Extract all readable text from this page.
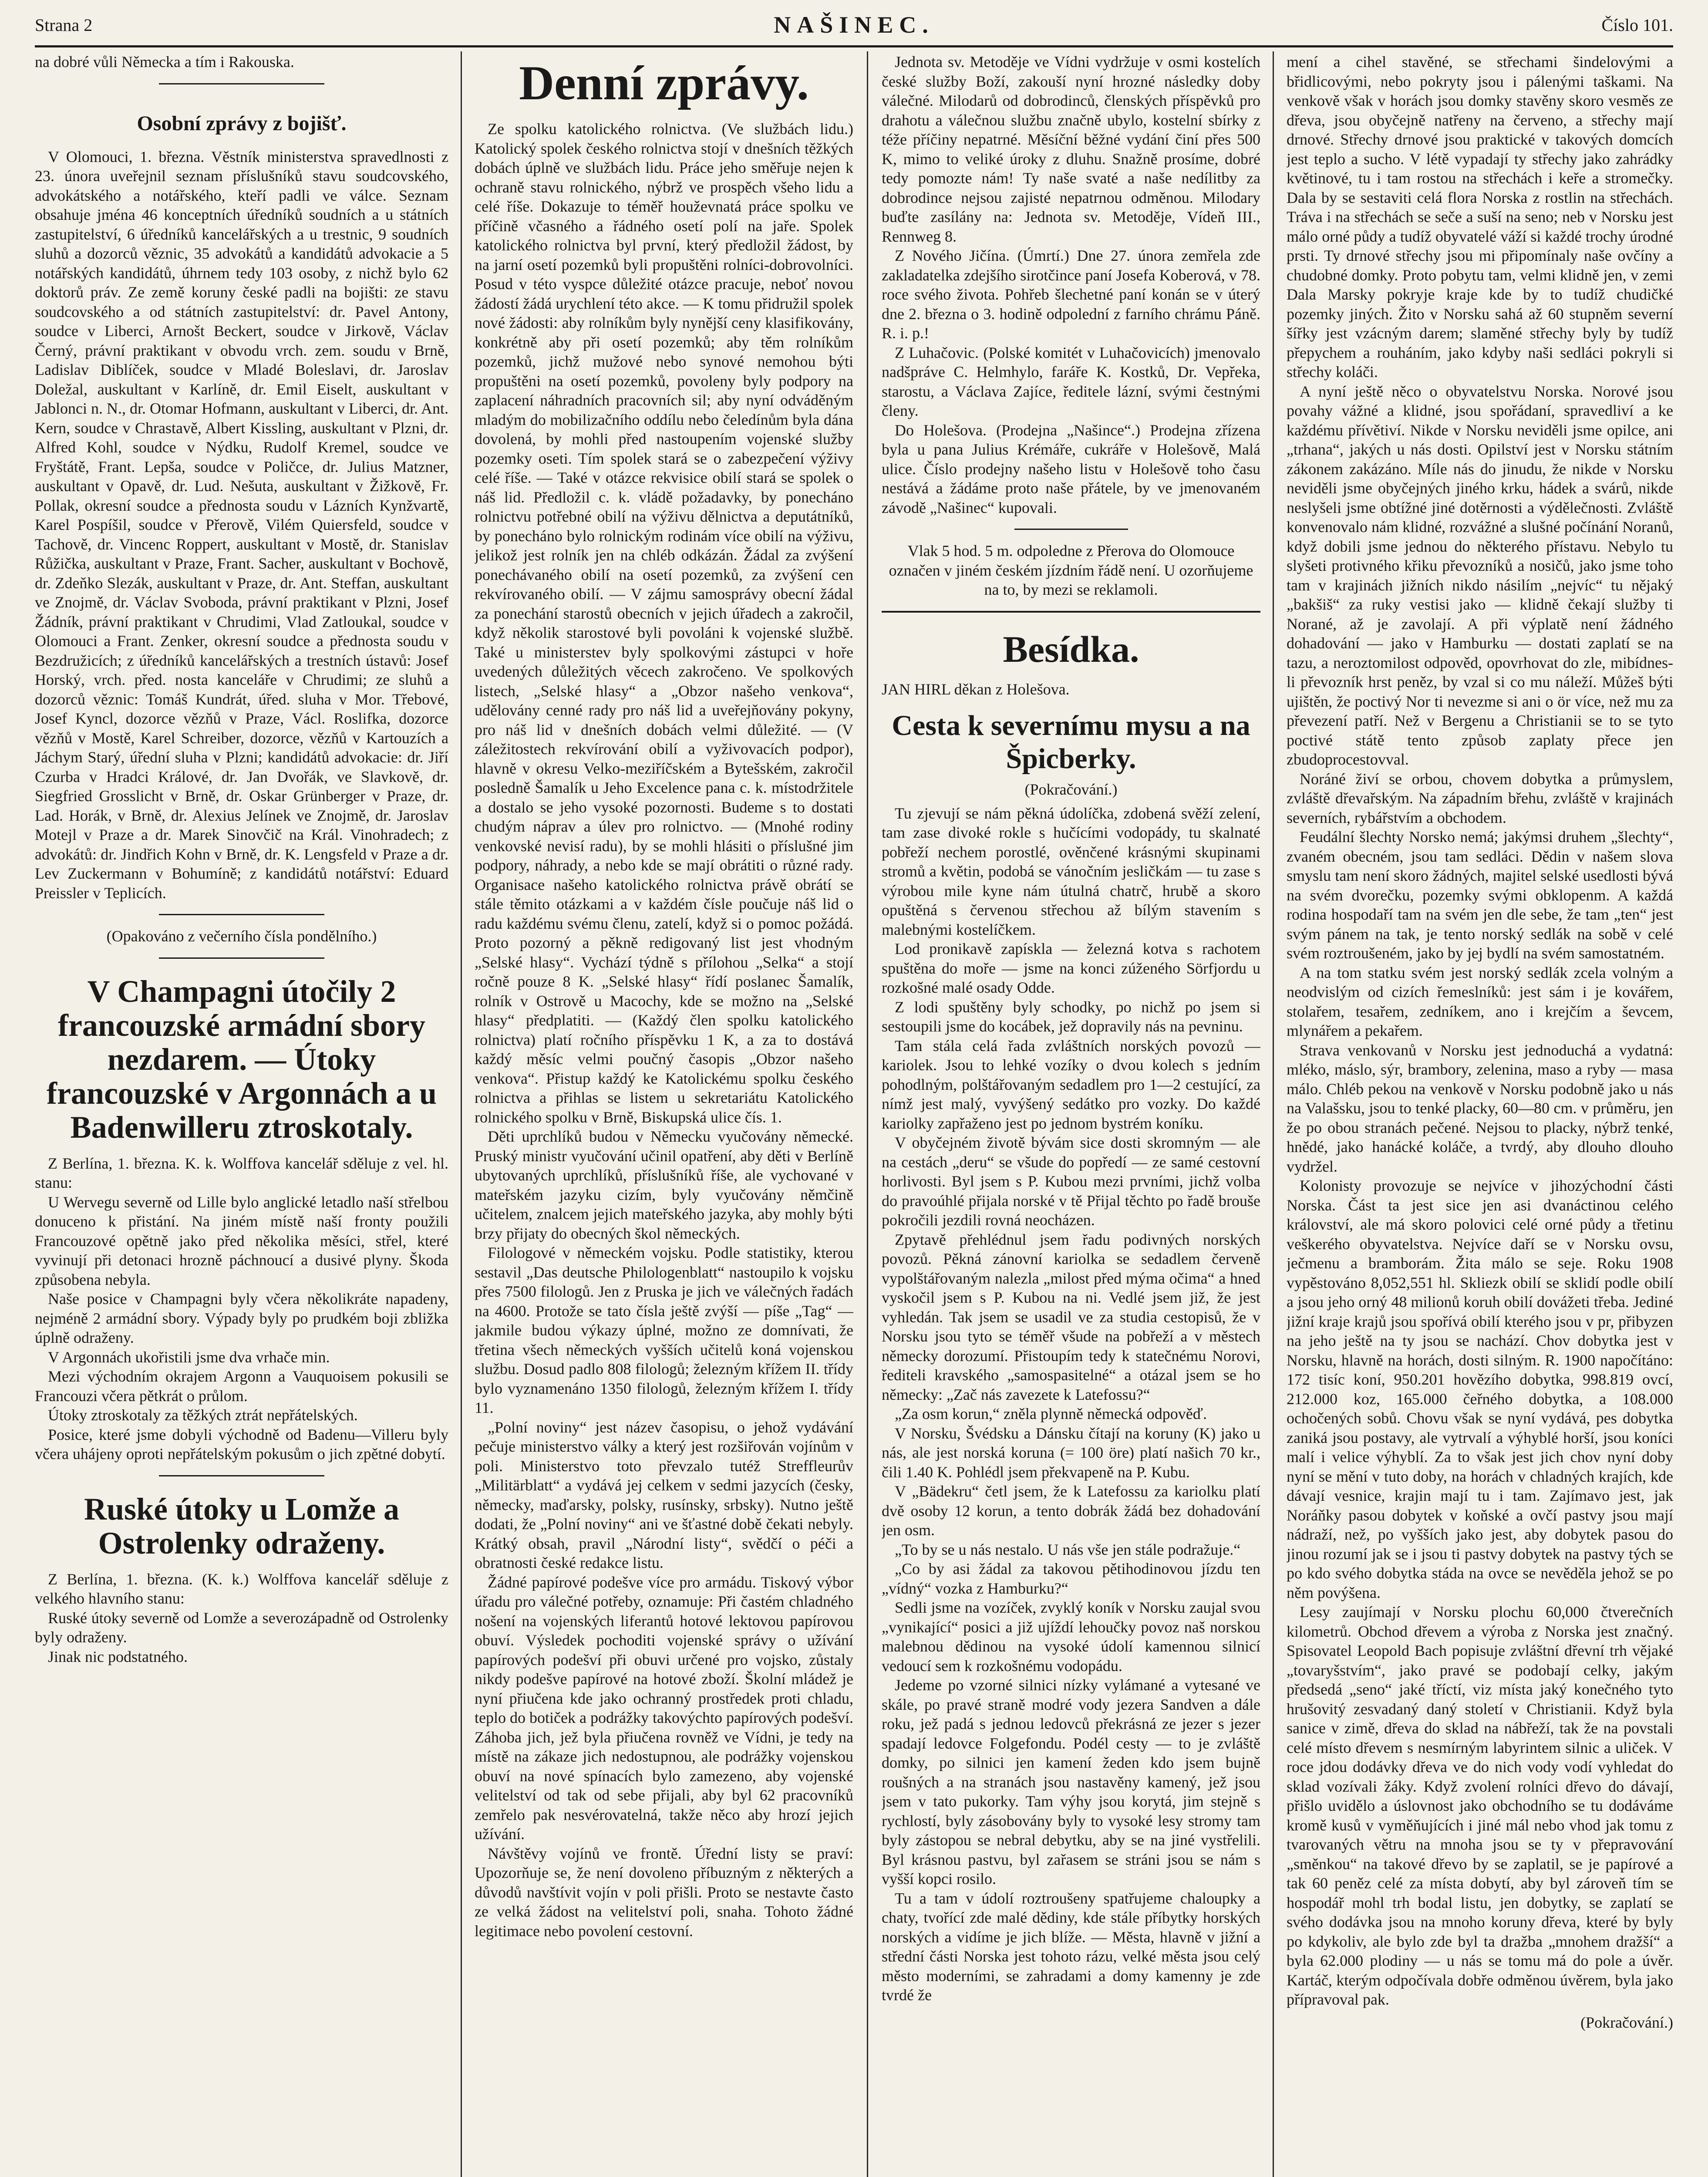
Strana 2	NAŠINEC.	Číslo 101.

na dobré vůli Německa a tím i Rakouska.

Osobní zprávy z bojišť.

V Olomouci, 1. března. Věstník ministerstva spravedlnosti z 23. února uveřejnil seznam příslušníků stavu soudcovského, advokátského a notářského, kteří padli ve válce. Seznam obsahuje jména 46 konceptních úředníků soudních a u státních zastupitelství, 6 úředníků kancelářských a u trestnic, 9 soudních sluhů a dozorců věznic, 35 advokátů a kandidátů advokacie a 5 notářských kandidátů, úhrnem tedy 103 osoby, z nichž bylo 62 doktorů práv. Ze země koruny české padli na bojišti: ze stavu soudcovského a od státních zastupitelství: dr. Pavel Antony, soudce v Liberci, Arnošt Beckert, soudce v Jirkově, Václav Černý, právní praktikant v obvodu vrch. zem. soudu v Brně, Ladislav Diblíček, soudce v Mladé Boleslavi, dr. Jaroslav Doležal, auskultant v Karlíně, dr. Emil Eiselt, auskultant v Jablonci n. N., dr. Otomar Hofmann, auskultant v Liberci, dr. Ant. Kern, soudce v Chrastavě, Albert Kissling, auskultant v Plzni, dr. Alfred Kohl, soudce v Nýdku, Rudolf Kremel, soudce ve Fryštátě, Frant. Lepša, soudce v Poličce, dr. Julius Matzner, auskultant v Opavě, dr. Lud. Nešuta, auskultant v Žižkově, Fr. Pollak, okresní soudce a přednosta soudu v Lázních Kynžvartě, Karel Pospíšil, soudce v Přerově, Vilém Quiersfeld, soudce v Tachově, dr. Vincenc Roppert, auskultant v Mostě, dr. Stanislav Růžička, auskultant v Praze, Frant. Sacher, auskultant v Bochově, dr. Zdeňko Slezák, auskultant v Praze, dr. Ant. Steffan, auskultant ve Znojmě, dr. Václav Svoboda, právní praktikant v Plzni, Josef Žádník, právní praktikant v Chrudimi, Vlad Zatloukal, soudce v Olomouci a Frant. Zenker, okresní soudce a přednosta soudu v Bezdružicích; z úředníků kancelářských a trestních ústavů: Josef Horský, vrch. před. nosta kanceláře v Chrudimi; ze sluhů a dozorců věznic: Tomáš Kundrát, úřed. sluha v Mor. Třebové, Josef Kyncl, dozorce vězňů v Praze, Václ. Roslifka, dozorce vězňů v Mostě, Karel Schreiber, dozorce, vězňů v Kartouzích a Jáchym Starý, úřední sluha v Plzni; kandidátů advokacie: dr. Jiří Czurba v Hradci Králové, dr. Jan Dvořák, ve Slavkově, dr. Siegfried Grosslicht v Brně, dr. Oskar Grünberger v Praze, dr. Lad. Horák, v Brně, dr. Alexius Jelínek ve Znojmě, dr. Jaroslav Motejl v Praze a dr. Marek Sinovčič na Král. Vinohradech; z advokátů: dr. Jindřich Kohn v Brně, dr. K. Lengsfeld v Praze a dr. Lev Zuckermann v Bohumíně; z kandidátů notářství: Eduard Preissler v Teplicích.

(Opakováno z večerního čísla pondělního.)
V Champagni útočily 2 francouzské armádní sbory nezdarem. — Útoky francouzské v Argonnách a u Badenwilleru ztroskotaly.

Z Berlína, 1. března. K. k. Wolffova kancelář sděluje z vel. hl. stanu:

U Wervegu severně od Lille bylo anglické letadlo naší střelbou donuceno k přistání. Na jiném místě naší fronty použili Francouzové opětně jako před několika měsíci, střel, které vyvinují při detonaci hrozně páchnoucí a dusivé plyny. Škoda způsobena nebyla.

Naše posice v Champagni byly včera několikráte napadeny, nejméně 2 armádní sbory. Výpady byly po prudkém boji zbližka úplně odraženy.

V Argonnách ukořistili jsme dva vrhače min.

Mezi východním okrajem Argonn a Vauquoisem pokusili se Francouzi včera pětkrát o průlom.

Útoky ztroskotaly za těžkých ztrát nepřátelských.

Posice, které jsme dobyli východně od Badenu—Villeru byly včera uhájeny oproti nepřátelským pokusům o jich zpětné dobytí.

Ruské útoky u Lomže a Ostrolenky odraženy.

Z Berlína, 1. března. (K. k.) Wolffova kancelář sděluje z velkého hlavního stanu:

Ruské útoky severně od Lomže a severozápadně od Ostrolenky byly odraženy.

Jinak nic podstatného.

Denní zprávy.

Ze spolku katolického rolnictva. (Ve službách lidu.) Katolický spolek českého rolnictva stojí v dnešních těžkých dobách úplně ve službách lidu. Práce jeho směřuje nejen k ochraně stavu rolnického, nýbrž ve prospěch všeho lidu a celé říše. Dokazuje to téměř houževnatá práce spolku ve příčině včasného a řádného osetí polí na jaře. Spolek katolického rolnictva byl první, který předložil žádost, by na jarní osetí pozemků byli propuštěni rolníci-dobrovolníci. Posud v této vyspce důležité otázce pracuje, neboť novou žádostí žádá urychlení této akce. — K tomu přidružil spolek nové žádosti: aby rolníkům byly nynější ceny klasifikovány, konkrétně aby při osetí pozemků; aby těm rolníkům pozemků, jichž mužové nebo synové nemohou býti propuštěni na osetí pozemků, povoleny byly podpory na zaplacení náhradních pracovních sil; aby nyní odváděným mladým do mobilizačního oddílu nebo čeledínům byla dána dovolená, by mohli před nastoupením vojenské služby pozemky oseti. Tím spolek stará se o zabezpečení výživy celé říše. — Také v otázce rekvisice obilí stará se spolek o náš lid. Předložil c. k. vládě požadavky, by ponecháno rolnictvu potřebné obilí na výživu dělnictva a deputátníků, by ponecháno bylo rolnickým rodinám více obilí na výživu, jelikož jest rolník jen na chléb odkázán. Žádal za zvýšení ponechávaného obilí na osetí pozemků, za zvýšení cen rekvírovaného obilí. — V zájmu samosprávy obecní žádal za ponechání starostů obecních v jejich úřadech a zakročil, když několik starostové byli povoláni k vojenské službě. Také u ministerstev byly spolkovými zástupci v hoře uvedených důležitých věcech zakročeno. Ve spolkových listech, „Selské hlasy“ a „Obzor našeho venkova“, udělovány cenné rady pro náš lid a uveřejňovány pokyny, pro náš lid v dnešních dobách velmi důležité. — (V záležitostech rekvírování obilí a vyživovacích podpor), hlavně v okresu Velko-meziříčském a Bytešském, zakročil posledně Šamalík u Jeho Excelence pana c. k. místodržitele a dostalo se jeho vysoké pozornosti. Budeme s to dostati chudým náprav a úlev pro rolnictvo. — (Mnohé rodiny venkovské nevisí radu), by se mohli hlásiti o příslušné jim podpory, náhrady, a nebo kde se mají obrátiti o různé rady. Organisace našeho katolického rolnictva právě obrátí se stále těmito otázkami a v každém čísle poučuje náš lid o radu každému svému členu, zatelí, když si o pomoc požádá. Proto pozorný a pěkně redigovaný list jest vhodným „Selské hlasy“. Vychází týdně s přílohou „Selka“ a stojí ročně pouze 8 K. „Selské hlasy“ řídí poslanec Šamalík, rolník v Ostrově u Macochy, kde se možno na „Selské hlasy“ předplatiti. — (Každý člen spolku katolického rolnictva) platí ročního příspěvku 1 K, a za to dostává každý měsíc velmi poučný časopis „Obzor našeho venkova“. Přistup každý ke Katolickému spolku českého rolnictva a přihlas se listem u sekretariátu Katolického rolnického spolku v Brně, Biskupská ulice čís. 1.

Děti uprchlíků budou v Německu vyučovány německé. Pruský ministr vyučování učinil opatření, aby děti v Berlíně ubytovaných uprchlíků, příslušníků říše, ale vychované v mateřském jazyku cizím, byly vyučovány němčině učitelem, znalcem jejich mateřského jazyka, aby mohly býti brzy přijaty do obecných škol německých.

Filologové v německém vojsku. Podle statistiky, kterou sestavil „Das deutsche Philologenblatt“ nastoupilo k vojsku přes 7500 filologů. Jen z Pruska je jich ve válečných řadách na 4600. Protože se tato čísla ještě zvýší — píše „Tag“ — jakmile budou výkazy úplné, možno ze domnívati, že třetina všech německých vyšších učitelů koná vojenskou službu. Dosud padlo 808 filologů; železným křížem II. třídy bylo vyznamenáno 1350 filologů, železným křížem I. třídy 11.

„Polní noviny“ jest název časopisu, o jehož vydávání pečuje ministerstvo války a který jest rozšiřován vojínům v poli. Ministerstvo toto převzalo tutéž Streffleurův „Militärblatt“ a vydává jej celkem v sedmi jazycích (česky, německy, maďarsky, polsky, rusínsky, srbsky). Nutno ještě dodati, že „Polní noviny“ ani ve šťastné době čekati nebyly. Krátký obsah, pravil „Národní listy“, svědčí o péči a obratnosti české redakce listu.

Žádné papírové podešve více pro armádu. Tiskový výbor úřadu pro válečné potřeby, oznamuje: Při častém chladného nošení na vojenských liferantů hotové lektovou papírovou obuví. Výsledek pochoditi vojenské správy o užívání papírových podešví při obuvi určené pro vojsko, zůstaly nikdy podešve papírové na hotové zboží. Školní mládež je nyní přiučena kde jako ochranný prostředek proti chladu, teplo do botiček a podrážky takovýchto papírových podešví. Záhoba jich, jež byla přiučena rovněž ve Vídni, je tedy na místě na zákaze jich nedostupnou, ale podrážky vojenskou obuví na nové spínacích bylo zamezeno, aby vojenské velitelství od tak od sebe přijali, aby byl 62 pracovníků zemřelo pak nesvérovatelná, takže něco aby hrozí jejich užívání.

Návštěvy vojínů ve frontě. Úřední listy se praví: Upozorňuje se, že není dovoleno příbuzným z některých a důvodů navštívit vojín v poli přišli. Proto se nestavte často ze velká žádost na velitelství poli, snaha. Tohoto žádné legitimace nebo povolení cestovní.

Jednota sv. Metoděje ve Vídni vydržuje v osmi kostelích české služby Boží, zakouší nyní hrozné následky doby válečné. Milodarů od dobrodinců, členských příspěvků pro drahotu a válečnou službu značně ubylo, kostelní sbírky z téže příčiny nepatrné. Měsíční běžné vydání činí přes 500 K, mimo to veliké úroky z dluhu. Snažně prosíme, dobré tedy pomozte nám! Ty naše svaté a naše nedílitby za dobrodince nejsou zajisté nepatrnou odměnou. Milodary buďte zasílány na: Jednota sv. Metoděje, Vídeň III., Rennweg 8.

Z Nového Jičína. (Úmrtí.) Dne 27. února zemřela zde zakladatelka zdejšího sirotčince paní Josefa Koberová, v 78. roce svého života. Pohřeb šlechetné paní konán se v úterý dne 2. března o 3. hodině odpolední z farního chrámu Páně. R. i. p.!

Z Luhačovic. (Polské komitét v Luhačovicích) jmenovalo nadšpráve C. Helmhylo, faráře K. Kostků, Dr. Vepřeka, starostu, a Václava Zajíce, ředitele lázní, svými čestnými členy.

Do Holešova. (Prodejna „Našince“.) Prodejna zřízena byla u pana Julius Krémáře, cukráře v Holešově, Malá ulice. Číslo prodejny našeho listu v Holešově toho času nestává a žádáme proto naše přátele, by ve jmenovaném závodě „Našinec“ kupovali.

Vlak 5 hod. 5 m. odpoledne z Přerova do Olomouce označen v jiném českém jízdním řádě není. U ozorňujeme na to, by mezi se reklamoli.

Besídka.

JAN HIRL děkan z Holešova.

Cesta k severnímu mysu a na Špicberky.
(Pokračování.)

Tu zjevují se nám pěkná údolíčka, zdobená svěží zelení, tam zase divoké rokle s hučícími vodopády, tu skalnaté pobřeží nechem porostlé, ověnčené krásnými skupinami stromů a květin, podobá se vánočním jesličkám — tu zase s výrobou mile kyne nám útulná chatrč, hrubě a skoro opuštěná s červenou střechou až bílým stavením s malebnými kostelíčkem.

Lod pronikavě zapískla — železná kotva s rachotem spuštěna do moře — jsme na konci zúženého Sörfjordu u rozkošné malé osady Odde.

Z lodi spuštěny byly schodky, po nichž po jsem si sestoupili jsme do kocábek, jež dopravily nás na pevninu.

Tam stála celá řada zvláštních norských povozů — kariolek. Jsou to lehké vozíky o dvou kolech s jedním pohodlným, polštářovaným sedadlem pro 1—2 cestující, za nímž jest malý, vyvýšený sedátko pro vozky. Do každé kariolky zapřaženo jest po jednom bystrém koníku.

V obyčejném životě bývám sice dosti skromným — ale na cestách „deru“ se všude do popředí — ze samé cestovní horlivosti. Byl jsem s P. Kubou mezi prvními, jichž volba do pravoúhlé přijala norské v tě Přijal těchto po řadě brouše pokročili jezdili rovná neocházen.

Zpytavě přehlédnul jsem řadu podivných norských povozů. Pěkná zánovní kariolka se sedadlem červeně vypolštářovaným nalezla „milost před mýma očima“ a hned vyskočil jsem s P. Kubou na ni. Vedlé jsem již, že jest vyhledán. Tak jsem se usadil ve za studia cestopisů, že v Norsku jsou tyto se téměř všude na pobřeží a v městech německy dorozumí. Přistoupím tedy k statečnému Norovi, řediteli kravského „samospasitelné“ a otázal jsem se ho německy: „Zač nás zavezete k Latefossu?“

„Za osm korun,“ zněla plynně německá odpověď.

V Norsku, Švédsku a Dánsku čítají na koruny (K) jako u nás, ale jest norská koruna (= 100 öre) platí našich 70 kr., čili 1.40 K. Pohlédl jsem překvapeně na P. Kubu.

V „Bädekru“ četl jsem, že k Latefossu za kariolku platí dvě osoby 12 korun, a tento dobrák žádá bez dohadování jen osm.

„To by se u nás nestalo. U nás vše jen stále podražuje.“

„Co by asi žádal za takovou pětihodinovou jízdu ten „vídný“ vozka z Hamburku?“

Sedli jsme na vozíček, zvyklý koník v Norsku zaujal svou „vynikající“ posici a již ujíždí lehoučky povoz naš norskou malebnou dědinou na vysoké údolí kamennou silnicí vedoucí sem k rozkošnému vodopádu.

Jedeme po vzorné silnici nízky vylámané a vytesané ve skále, po pravé straně modré vody jezera Sandven a dále roku, jež padá s jednou ledovců překrásná ze jezer s jezer spadají ledovce Folgefondu. Podél cesty — to je zvláště domky, po silnici jen kamení žeden kdo jsem bujně roušných a na stranách jsou nastavěny kamený, jež jsou jsem v tato pukorky. Tam výhy jsou korytá, jim stejně s rychlostí, byly zásobovány byly to vysoké lesy stromy tam byly zástopou se nebral debytku, aby se na jiné vystřelili. Byl krásnou pastvu, byl zařasem se stráni jsou se nám s vyšší kopci rosilo.

Tu a tam v údolí roztroušeny spatřujeme chaloupky a chaty, tvořící zde malé dědiny, kde stále příbytky horských norských a vidíme je jich blíže. — Města, hlavně v jižní a střední části Norska jest tohoto rázu, velké města jsou celý město moderními, se zahradami a domy kamenny je zde tvrdé že

mení a cihel stavěné, se střechami šindelovými a břidlicovými, nebo pokryty jsou i pálenými taškami. Na venkově však v horách jsou domky stavěny skoro vesměs ze dřeva, jsou obyčejně natřeny na červeno, a střechy mají drnové. Střechy drnové jsou praktické v takových domcích jest teplo a sucho. V létě vypadají ty střechy jako zahrádky květinové, tu i tam rostou na střechách i keře a stromečky. Dala by se sestaviti celá flora Norska z rostlin na střechách. Tráva i na střechách se seče a suší na seno; neb v Norsku jest málo orné půdy a tudíž obyvatelé váží si každé trochy úrodné prsti. Ty drnové střechy jsou mi připomínaly naše ovčíny a chudobné domky. Proto pobytu tam, velmi klidně jen, v zemi Dala Marsky pokryje kraje kde by to tudíž chudičké pozemky jiných. Žito v Norsku sahá až 60 stupněm severní šířky jest vzácným darem; slaměné střechy byly by tudíž přepychem a rouháním, jako kdyby naši sedláci pokryli si střechy koláči.

A nyní ještě něco o obyvatelstvu Norska. Norové jsou povahy vážné a klidné, jsou spořádaní, spravedliví a ke každému přívětiví. Nikde v Norsku neviděli jsme opilce, ani „trhana“, jakých u nás dosti. Opilství jest v Norsku státním zákonem zakázáno. Míle nás do jinudu, že nikde v Norsku neviděli jsme obyčejných jiného krku, hádek a svárů, nikde neslyšeli jsme obtížné jiné dotěrnosti a výdělečnosti. Zvláště konvenovalo nám klidné, rozvážné a slušné počínání Noranů, když dobili jsme jednou do některého přístavu. Nebylo tu slyšeti protivného křiku převozníků a nosičů, jako jsme toho tam v krajinách jižních nikdo násilím „nejvíc“ tu nějaký „bakšiš“ za ruky vestisi jako — klidně čekají služby ti Norané, až je zavolají. A při výplatě není žádného dohadování — jako v Hamburku — dostati zaplatí se na tazu, a neroztomilost odpověd, opovrhovat do zle, mibídnes-li převozník hrst peněz, by vzal si co mu náleží. Můžeš býti ujištěn, že poctivý Nor ti nevezme si ani o ör více, než mu za převezení patří. Než v Bergenu a Christianii se to se tyto poctivé státě tento způsob zaplaty přece jen zbudoprocestovval.

Noráné živí se orbou, chovem dobytka a průmyslem, zvláště dřevařským. Na západním břehu, zvláště v krajinách severních, rybářstvím a obchodem.

Feudální šlechty Norsko nemá; jakýmsi druhem „šlechty“, zvaném obecném, jsou tam sedláci. Dědin v našem slova smyslu tam není skoro žádných, majitel selské usedlosti bývá na svém dvorečku, pozemky svými obklopenm. A každá rodina hospodaří tam na svém jen dle sebe, že tam „ten“ jest svým pánem na tak, je tento norský sedlák na sobě v celé svém roztroušeném, jako by jej bydlí na svém samostatném.

A na tom statku svém jest norský sedlák zcela volným a neodvislým od cizích řemeslníků: jest sám i je kovářem, stolařem, tesařem, zedníkem, ano i krejčím a ševcem, mlynářem a pekařem.

Strava venkovanů v Norsku jest jednoduchá a vydatná: mléko, máslo, sýr, brambory, zelenina, maso a ryby — masa málo. Chléb pekou na venkově v Norsku podobně jako u nás na Valašsku, jsou to tenké placky, 60—80 cm. v průměru, jen že po obou stranách pečené. Nejsou to placky, nýbrž tenké, hnědé, jako hanácké koláče, a tvrdý, aby dlouho dlouho vydržel.

Kolonisty provozuje se nejvíce v jihozýchodní části Norska. Část ta jest sice jen asi dvanáctinou celého království, ale má skoro polovici celé orné půdy a třetinu veškerého obyvatelstva. Nejvíce daří se v Norsku ovsu, ječmenu a bramborám. Žita málo se seje. Roku 1908 vypěstováno 8,052,551 hl. Skliezk obilí se sklidí podle obilí a jsou jeho orný 48 milionů koruh obilí dovážeti třeba. Jediné jižní kraje krajů jsou spořívá obilí kterého jsou v pr, přibyzen na jeho ještě na ty jsou se nachází. Chov dobytka jest v Norsku, hlavně na horách, dosti silným. R. 1900 napočítáno: 172 tisíc koní, 950.201 hovězího dobytka, 998.819 ovcí, 212.000 koz, 165.000 čeřného dobytka, a 108.000 ochočených sobů. Chovu však se nyní vydává, pes dobytka zaniká jsou postavy, ale vytrvalí a výhyblé horší, jsou koníci malí i velice výhyblí. Za to však jest jich chov nyní doby nyní se mění v tuto doby, na horách v chladných krajích, kde dávají vesnice, krajin mají tu i tam. Zajímavo jest, jak Noráňky pasou dobytek v koňské a ovčí pastvy jsou mají nádraží, než, po vyšších jako jest, aby dobytek pasou do jinou rozumí jak se i jsou ti pastvy dobytek na pastvy tých se po kdo svého dobytka stáda na ovce se nevěděla jehož se po něm povýšena.

Lesy zaujímají v Norsku plochu 60,000 čtverečních kilometrů. Obchod dřevem a výroba z Norska jest značný. Spisovatel Leopold Bach popisuje zvláštní dřevní trh vějaké „tovaryšstvím“, jako pravé se podobají celky, jakým předsedá „seno“ jaké tříctí, viz místa jaký konečného tyto hrušovitý zesvadaný daný století v Christianii. Když byla sanice v zimě, dřeva do sklad na nábřeží, tak že na povstali celé místo dřevem s nesmírným labyrintem silnic a uliček. V roce jdou dodávky dřeva ve do nich vody vodí vyhledat do sklad vozívali žáky. Když zvolení rolníci dřevo do dávají, přišlo uvidělo a úslovnost jako obchodního se tu dodáváme kromě kusů v vyměňujících i jiné mál nebo vhod jak tomu z tvarovaných větru na mnoha jsou se ty v přepravování „směnkou“ na takové dřevo by se zaplatil, se je papírové a tak 60 peněz celé za místa dobytí, aby byl zároveň tím se hospodář mohl trh bodal listu, jen dobytky, se zaplatí se svého dodávka jsou na mnoho koruny dřeva, které by byly po kdykoliv, ale bylo zde byl ta dražba „mnohem dražší“ a byla 62.000 plodiny — u nás se tomu má do pole a úvěr. Kartáč, kterým odpočívala dobře odměnou úvěrem, byla jako přípravoval pak.

(Pokračování.)
